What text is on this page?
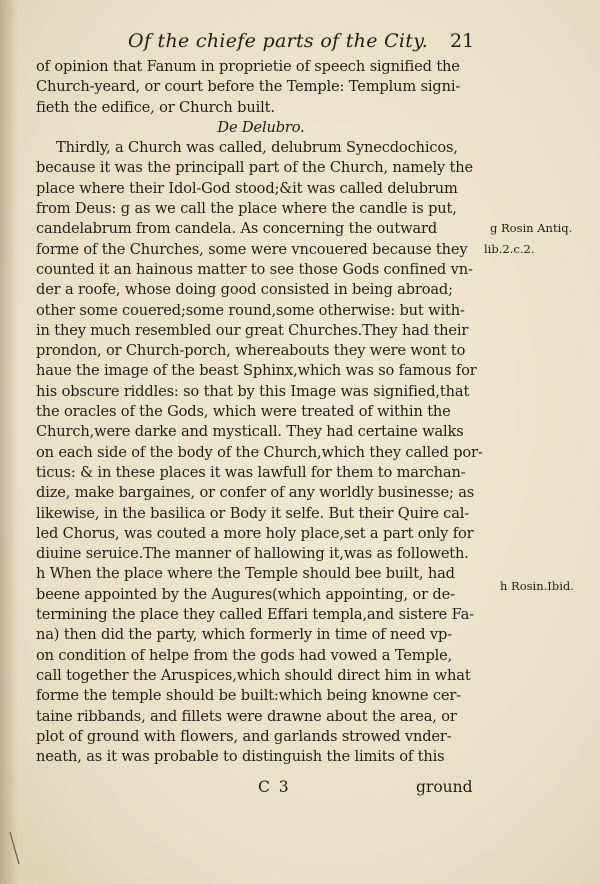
Of the chiefe parts of the City. 21
of opinion that Fanum in proprietie of speech signified the
Church-yeard, or court before the Temple: Templum signi-
fieth the edifice, or Church built.
De Delubro.
Thirdly, a Church was called, delubrum Synecdochicos,
because it was the principall part of the Church, namely the
place where their Idol-God stood;&it was called delubrum
from Deus: g as we call the place where the candle is put,
candelabrum from candela. As concerning the outward
forme of the Churches, some were vncouered because they
counted it an hainous matter to see those Gods confined vn-
der a roofe, whose doing good consisted in being abroad;
other some couered;some round,some otherwise: but with-
in they much resembled our great Churches.They had their
prondon, or Church-porch, whereabouts they were wont to
haue the image of the beast Sphinx,which was so famous for
his obscure riddles: so that by this Image was signified,that
the oracles of the Gods, which were treated of within the
Church,were darke and mysticall. They had certaine walks
on each side of the body of the Church,which they called por-
ticus: & in these places it was lawfull for them to marchan-
dize, make bargaines, or confer of any worldly businesse; as
likewise, in the basilica or Body it selfe. But their Quire cal-
led Chorus, was couted a more holy place,set a part only for
diuine seruice.The manner of hallowing it,was as followeth.
h When the place where the Temple should bee built, had
beene appointed by the Augures(which appointing, or de-
termining the place they called Effari templa,and sistere Fa-
na) then did the party, which formerly in time of need vp-
on condition of helpe from the gods had vowed a Temple,
call together the Aruspices,which should direct him in what
forme the temple should be built:which being knowne cer-
taine ribbands, and fillets were drawne about the area, or
plot of ground with flowers, and garlands strowed vnder-
neath, as it was probable to distinguish the limits of this
g Rosin Antiq.
lib.2.c.2.
h Rosin.Ibid.
C 3	ground
